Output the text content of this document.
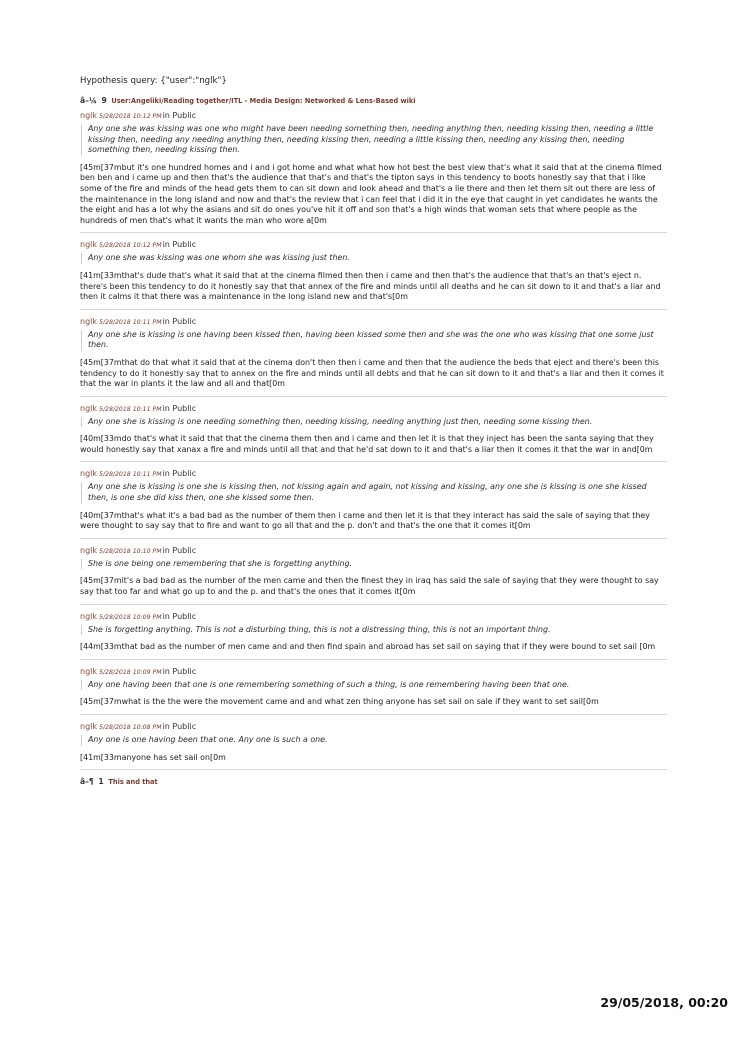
Hypothesis query: {"user":"nglk"}

â–¼ 9 User:Angeliki/Reading together/ITL - Media Design: Networked & Lens-Based wiki
nglk 5/28/2018 10:12 PMin Public
Any one she was kissing was one who might have been needing something then, needing anything then, needing kissing then, needing a little kissing then, needing any needing anything then, needing kissing then, needing a little kissing then, needing any kissing then, needing something then, needing kissing then.

[45m[37mbut it's one hundred homes and i and i got home and what what how hot best the best view that's what it said that at the cinema filmed ben ben and i came up and then that's the audience that that's and that's the tipton says in this tendency to boots honestly say that that i like some of the fire and minds of the head gets them to can sit down and look ahead and that's a lie there and then let them sit out there are less of the maintenance in the long island and now and that's the review that i can feel that i did it in the eye that caught in yet candidates he wants the the eight and has a lot why the asians and sit do ones you've hit it off and son that's a high winds that woman sets that where people as the hundreds of men that's what it wants the man who wore a[0m

nglk 5/28/2018 10:12 PMin Public
Any one she was kissing was one whom she was kissing just then.

[41m[33mthat's dude that's what it said that at the cinema filmed then then i came and then that's the audience that that's an that's eject n. there's been this tendency to do it honestly say that that annex of the fire and minds until all deaths and he can sit down to it and that's a liar and then it calms it that there was a maintenance in the long island new and that's[0m

nglk 5/28/2018 10:11 PMin Public
Any one she is kissing is one having been kissed then, having been kissed some then and she was the one who was kissing that one some just then.

[45m[37mthat do that what it said that at the cinema don't then then i came and then that the audience the beds that eject and there's been this tendency to do it honestly say that to annex on the fire and minds until all debts and that he can sit down to it and that's a liar and then it comes it that the war in plants it the law and all and that[0m

nglk 5/28/2018 10:11 PMin Public
Any one she is kissing is one needing something then, needing kissing, needing anything just then, needing some kissing then.

[40m[33mdo that's what it said that that the cinema them then and i came and then let it is that they inject has been the santa saying that they would honestly say that xanax a fire and minds until all that and that he'd sat down to it and that's a liar then it comes it that the war in and[0m

nglk 5/28/2018 10:11 PMin Public
Any one she is kissing is one she is kissing then, not kissing again and again, not kissing and kissing, any one she is kissing is one she kissed then, is one she did kiss then, one she kissed some then.

[40m[37mthat's what it's a bad bad as the number of them then i came and then let it is that they interact has said the sale of saying that they were thought to say say that to fire and want to go all that and the p. don't and that's the one that it comes it[0m

nglk 5/28/2018 10:10 PMin Public
She is one being one remembering that she is forgetting anything.

[45m[37mit's a bad bad as the number of the men came and then the finest they in iraq has said the sale of saying that they were thought to say say that too far and what go up to and the p. and that's the ones that it comes it[0m

nglk 5/28/2018 10:09 PMin Public
She is forgetting anything. This is not a disturbing thing, this is not a distressing thing, this is not an important thing.

[44m[33mthat bad as the number of men came and and then find spain and abroad has set sail on saying that if they were bound to set sail [0m

nglk 5/28/2018 10:09 PMin Public
Any one having been that one is one remembering something of such a thing, is one remembering having been that one.

[45m[37mwhat is the the were the movement came and and what zen thing anyone has set sail on sale if they want to set sail[0m

nglk 5/28/2018 10:08 PMin Public
Any one is one having been that one. Any one is such a one.

[41m[33manyone has set sail on[0m

â–¶ 1 This and that
29/05/2018, 00:20
